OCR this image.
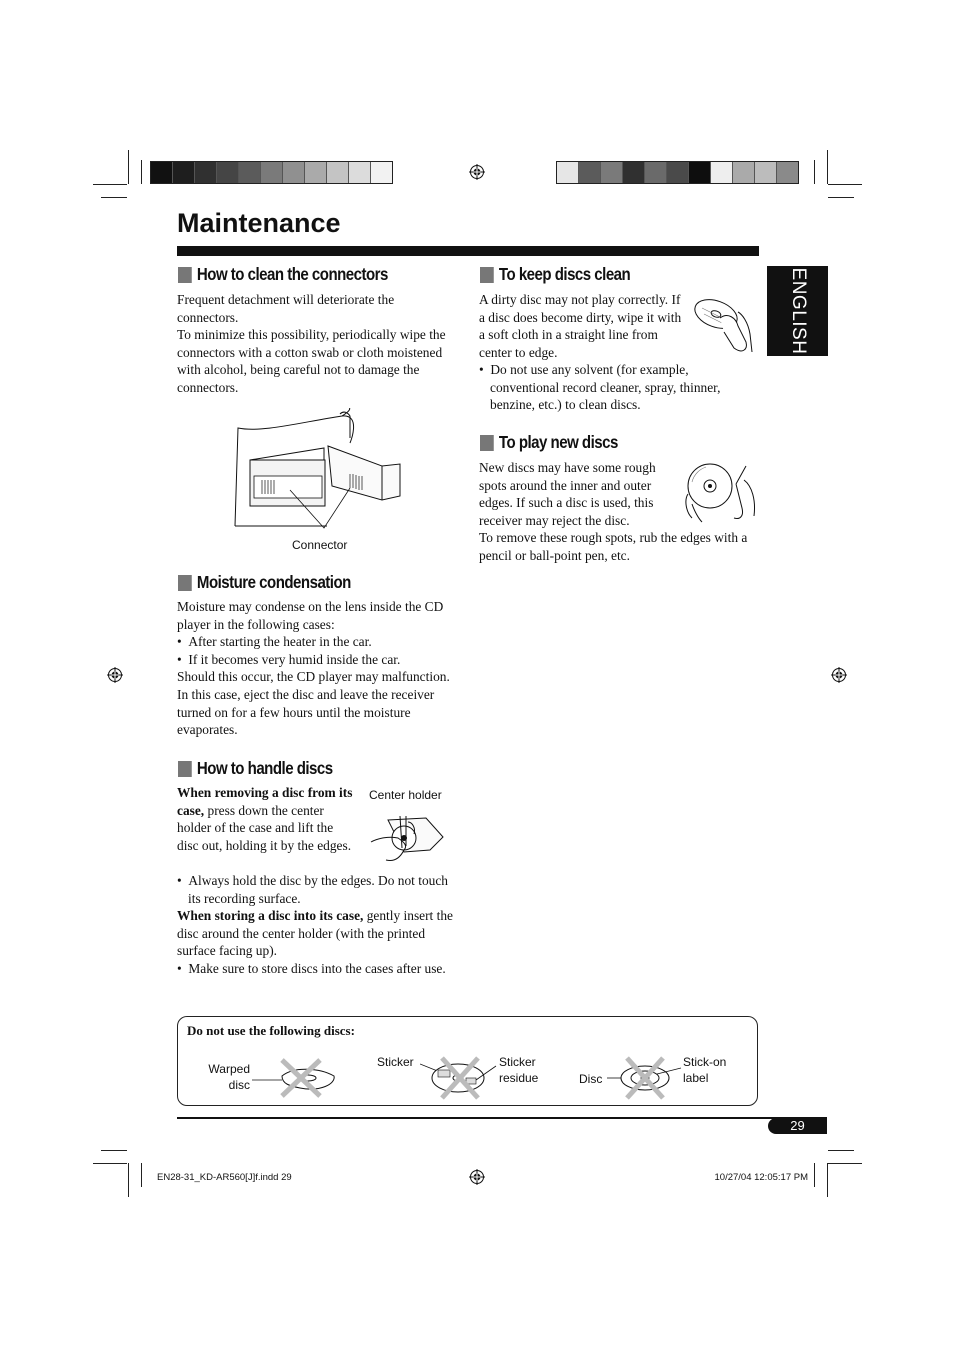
Maintenance
ENGLISH
How to clean the connectors

Frequent detachment will deteriorate the connectors.

To minimize this possibility, periodically wipe the connectors with a cotton swab or cloth moistened with alcohol, being careful not to damage the connectors.

Connector
Moisture condensation

Moisture may condense on the lens inside the CD player in the following cases:

•  After starting the heater in the car.

•  If it becomes very humid inside the car.

Should this occur, the CD player may malfunction. In this case, eject the disc and leave the receiver turned on for a few hours until the moisture evaporates.

How to handle discs

When removing a disc from its case, press down the center holder of the case and lift the disc out, holding it by the edges.

Center holder

•  Always hold the disc by the edges. Do not touch its recording surface.

When storing a disc into its case, gently insert the disc around the center holder (with the printed surface facing up).

•  Make sure to store discs into the cases after use.

To keep discs clean

A dirty disc may not play correctly. If a disc does become dirty, wipe it with a soft cloth in a straight line from center to edge.

•  Do not use any solvent (for example, conventional record cleaner, spray, thinner, benzine, etc.) to clean discs.

To play new discs

New discs may have some rough spots around the inner and outer edges. If such a disc is used, this receiver may reject the disc.

To remove these rough spots, rub the edges with a pencil or ball-point pen, etc.

Do not use the following discs:
Warped
disc
Sticker	Sticker
residue	Disc
Stick-on
label
29
EN28-31_KD-AR560[J]f.indd 29	10/27/04 12:05:17 PM
